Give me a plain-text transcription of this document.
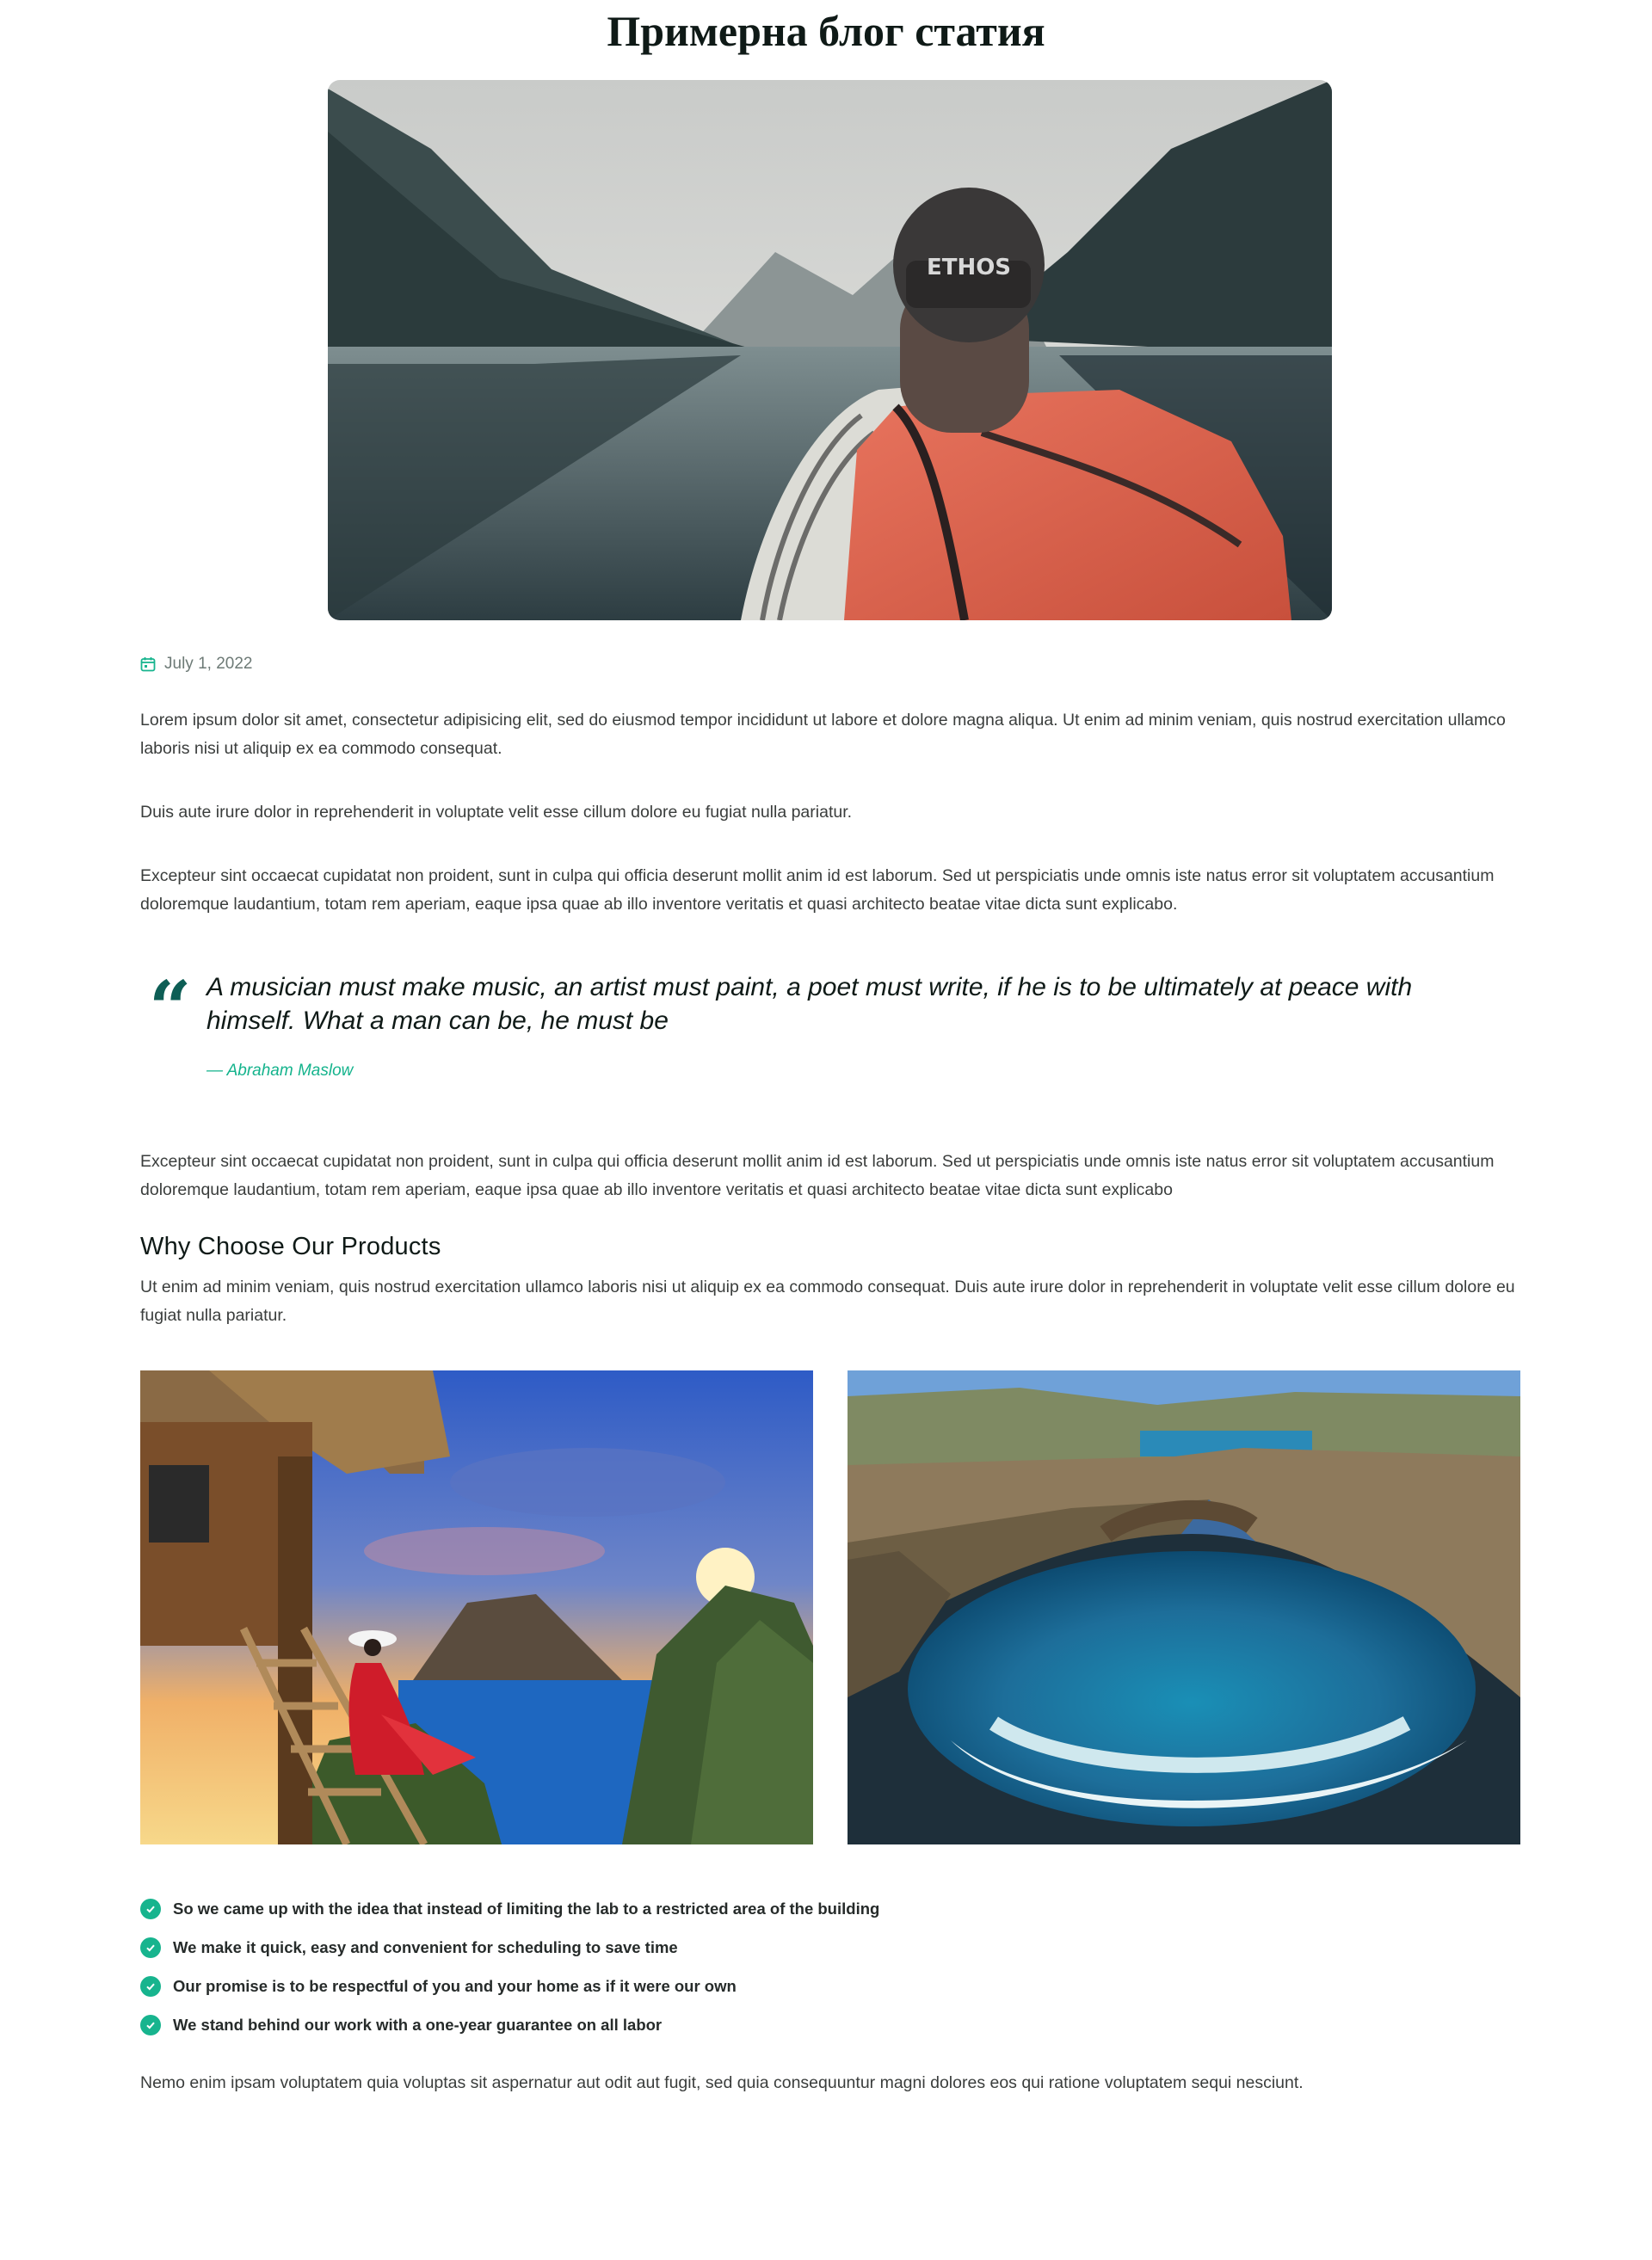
Примерна блог статия
ETHOS
July 1, 2022

Lorem ipsum dolor sit amet, consectetur adipisicing elit, sed do eiusmod tempor incididunt ut labore et dolore magna aliqua. Ut enim ad minim veniam, quis nostrud exercitation ullamco laboris nisi ut aliquip ex ea commodo consequat.

Duis aute irure dolor in reprehenderit in voluptate velit esse cillum dolore eu fugiat nulla pariatur.

Excepteur sint occaecat cupidatat non proident, sunt in culpa qui officia deserunt mollit anim id est laborum. Sed ut perspiciatis unde omnis iste natus error sit voluptatem accusantium doloremque laudantium, totam rem aperiam, eaque ipsa quae ab illo inventore veritatis et quasi architecto beatae vitae dicta sunt explicabo.

“ A musician must make music, an artist must paint, a poet must write, if he is to be ultimately at peace with himself. What a man can be, he must be

— Abraham Maslow

Excepteur sint occaecat cupidatat non proident, sunt in culpa qui officia deserunt mollit anim id est laborum. Sed ut perspiciatis unde omnis iste natus error sit voluptatem accusantium doloremque laudantium, totam rem aperiam, eaque ipsa quae ab illo inventore veritatis et quasi architecto beatae vitae dicta sunt explicabo

Why Choose Our Products

Ut enim ad minim veniam, quis nostrud exercitation ullamco laboris nisi ut aliquip ex ea commodo consequat. Duis aute irure dolor in reprehenderit in voluptate velit esse cillum dolore eu fugiat nulla pariatur.

So we came up with the idea that instead of limiting the lab to a restricted area of the building
We make it quick, easy and convenient for scheduling to save time
Our promise is to be respectful of you and your home as if it were our own
We stand behind our work with a one-year guarantee on all labor

Nemo enim ipsam voluptatem quia voluptas sit aspernatur aut odit aut fugit, sed quia consequuntur magni dolores eos qui ratione voluptatem sequi nesciunt.
